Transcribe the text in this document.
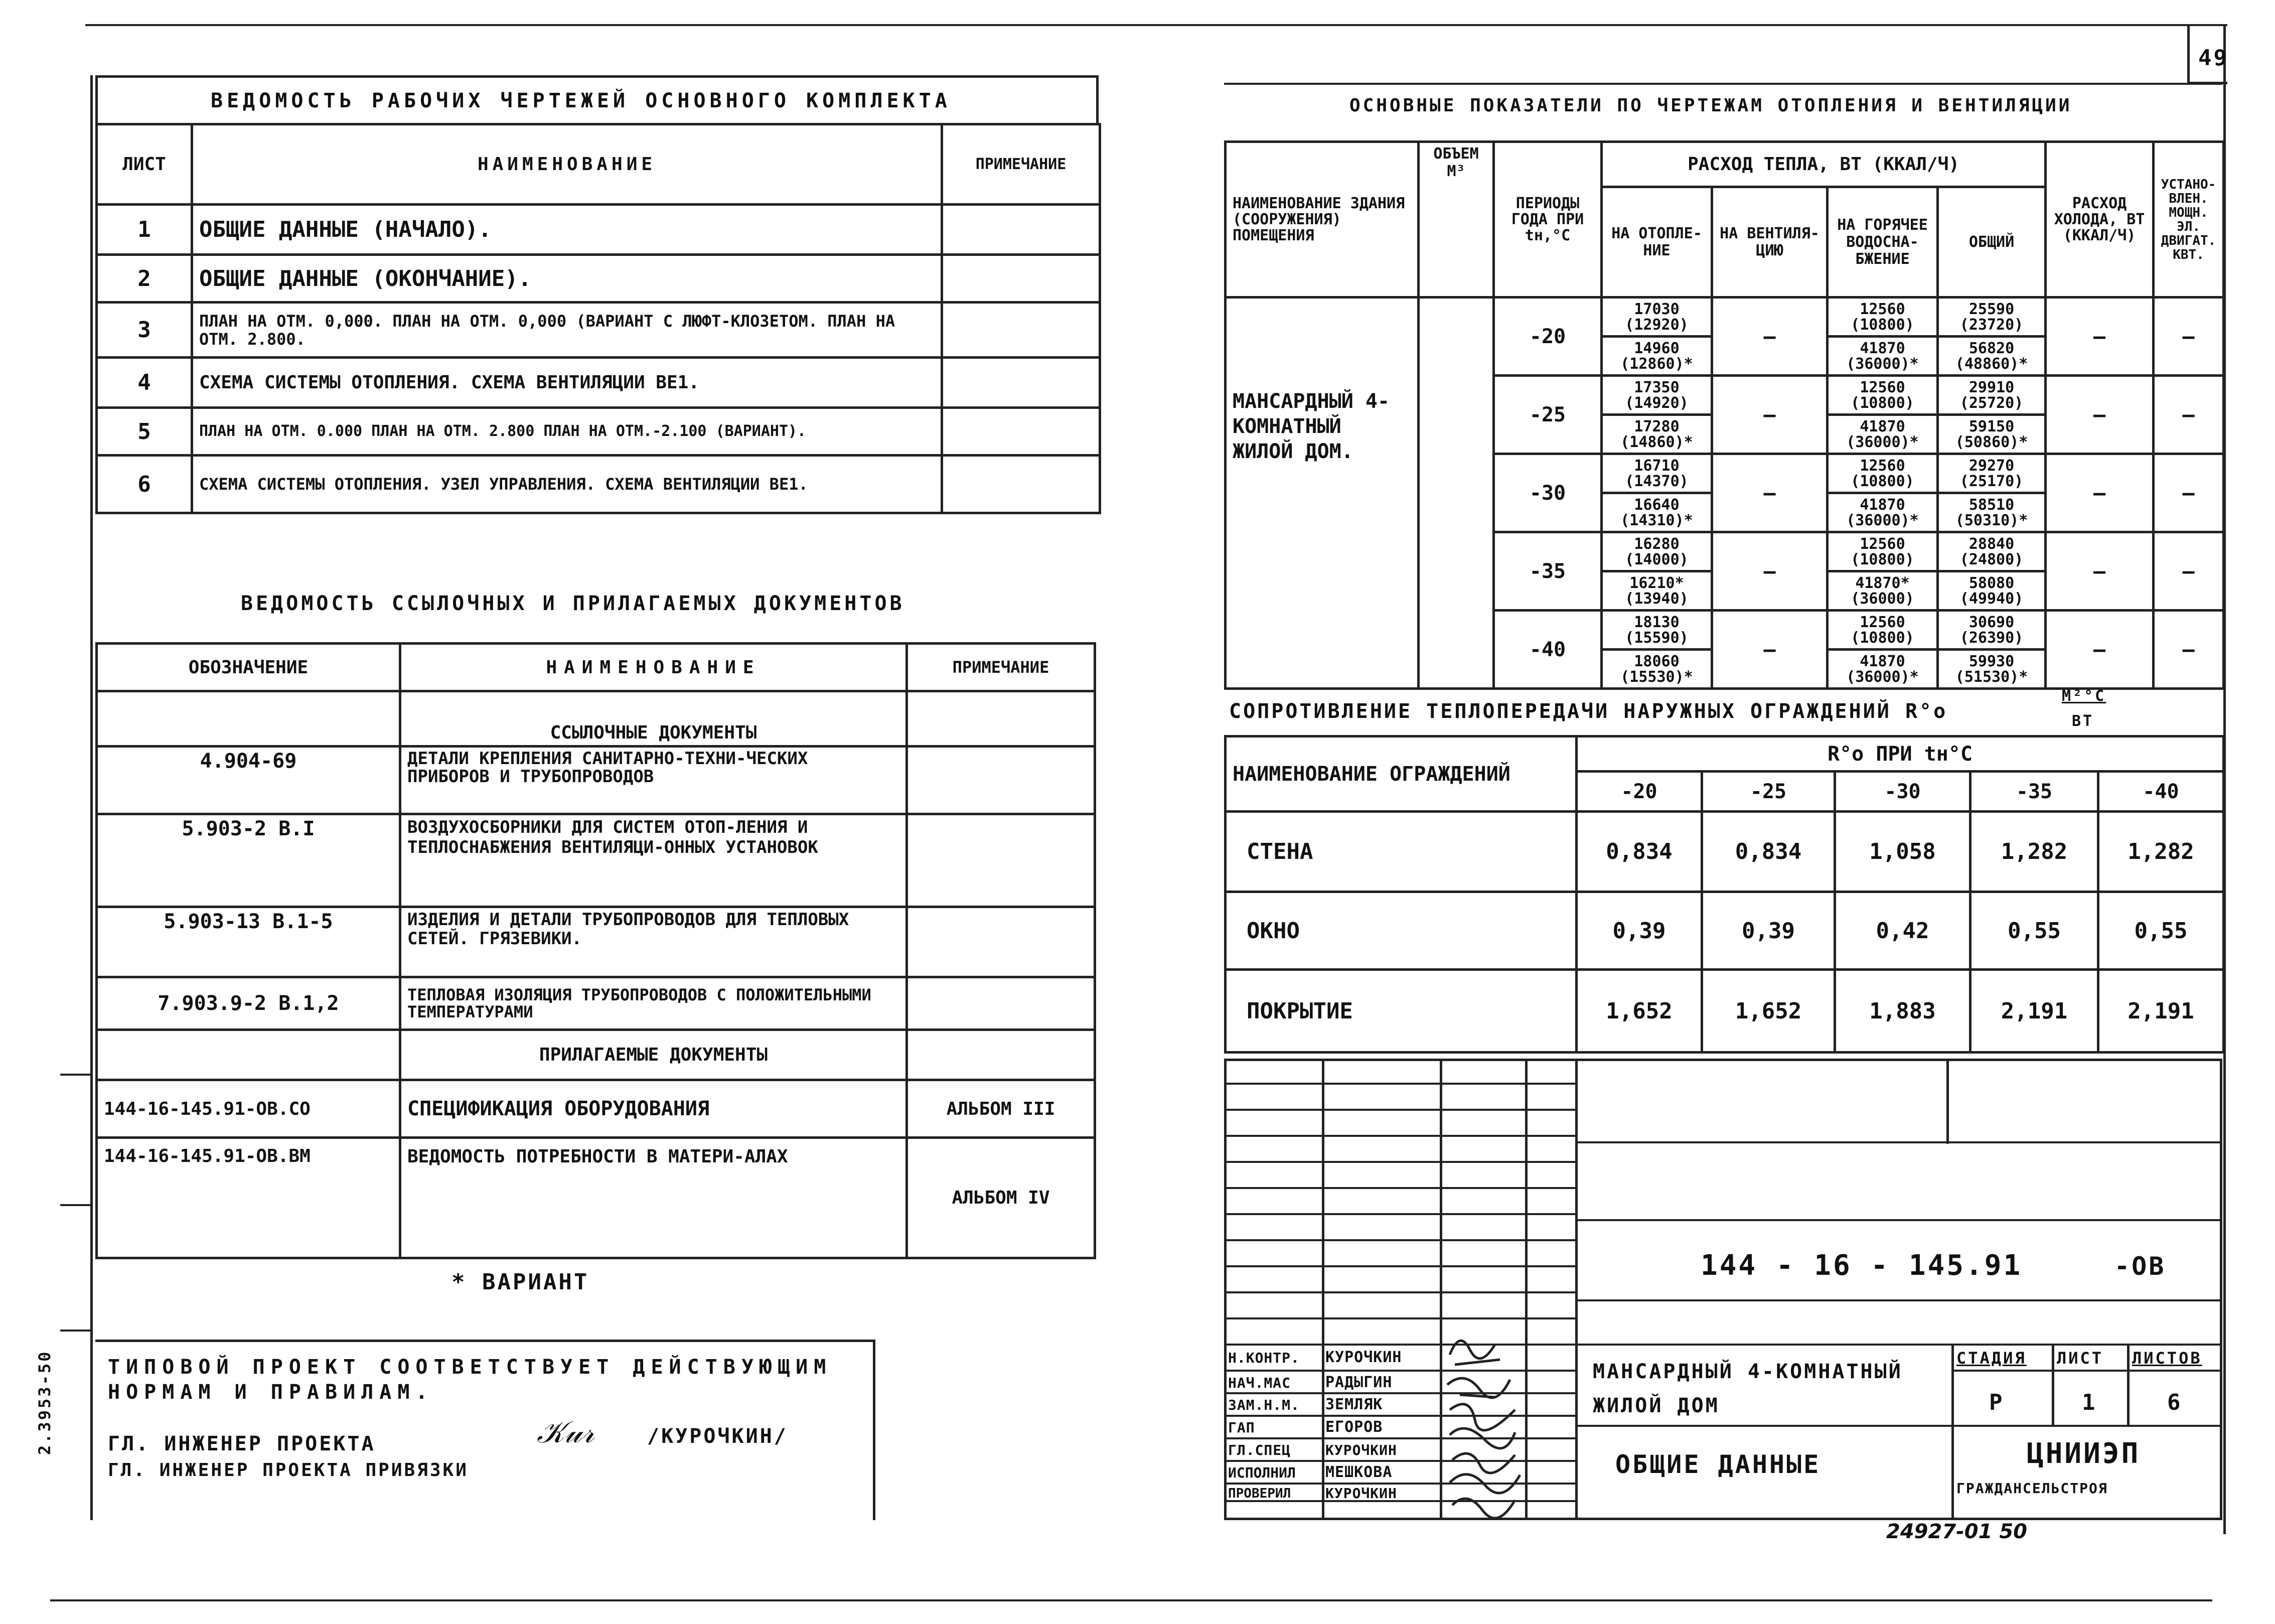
49
2.3953-50
ВЕДОМОСТЬ РАБОЧИХ ЧЕРТЕЖЕЙ ОСНОВНОГО КОМПЛЕКТА
ЛИСТ	НАИМЕНОВАНИЕ	ПРИМЕЧАНИЕ
1	ОБЩИЕ ДАННЫЕ (НАЧАЛО).	
2	ОБЩИЕ ДАННЫЕ (ОКОНЧАНИЕ).	
3	ПЛАН НА ОТМ. 0,000. ПЛАН НА ОТМ. 0,000 (ВАРИАНТ С ЛЮФТ-КЛОЗЕТОМ. ПЛАН НА ОТМ. 2.800.	
4	СХЕМА СИСТЕМЫ ОТОПЛЕНИЯ. СХЕМА ВЕНТИЛЯЦИИ ВЕ1.	
5	ПЛАН НА ОТМ. 0.000 ПЛАН НА ОТМ. 2.800 ПЛАН НА ОТМ.-2.100 (ВАРИАНТ).	
6	СХЕМА СИСТЕМЫ ОТОПЛЕНИЯ. УЗЕЛ УПРАВЛЕНИЯ. СХЕМА ВЕНТИЛЯЦИИ ВЕ1.	
ВЕДОМОСТЬ ССЫЛОЧНЫХ И ПРИЛАГАЕМЫХ ДОКУМЕНТОВ
ОБОЗНАЧЕНИЕ	НАИМЕНОВАНИЕ	ПРИМЕЧАНИЕ
	ССЫЛОЧНЫЕ ДОКУМЕНТЫ	
4.904-69	ДЕТАЛИ КРЕПЛЕНИЯ САНИТАРНО-ТЕХНИ-ЧЕСКИХ ПРИБОРОВ И ТРУБОПРОВОДОВ	
5.903-2 В.I	ВОЗДУХОСБОРНИКИ ДЛЯ СИСТЕМ ОТОП-ЛЕНИЯ И ТЕПЛОСНАБЖЕНИЯ ВЕНТИЛЯЦИ-ОННЫХ УСТАНОВОК	
5.903-13 В.1-5	ИЗДЕЛИЯ И ДЕТАЛИ ТРУБОПРОВОДОВ ДЛЯ ТЕПЛОВЫХ СЕТЕЙ. ГРЯЗЕВИКИ.	
7.903.9-2 В.1,2	ТЕПЛОВАЯ ИЗОЛЯЦИЯ ТРУБОПРОВОДОВ С ПОЛОЖИТЕЛЬНЫМИ ТЕМПЕРАТУРАМИ	
	ПРИЛАГАЕМЫЕ ДОКУМЕНТЫ	
144-16-145.91-ОВ.СО	СПЕЦИФИКАЦИЯ ОБОРУДОВАНИЯ	АЛЬБОМ III
144-16-145.91-ОВ.ВМ	ВЕДОМОСТЬ ПОТРЕБНОСТИ В МАТЕРИ-АЛАХ	АЛЬБОМ IV
* ВАРИАНТ
ТИПОВОЙ ПРОЕКТ СООТВЕТСТВУЕТ ДЕЙСТВУЮЩИМ НОРМАМ И ПРАВИЛАМ.
ГЛ. ИНЖЕНЕР ПРОЕКТА	𝒦𝓊𝓇	/КУРОЧКИН/
ГЛ. ИНЖЕНЕР ПРОЕКТА ПРИВЯЗКИ
ОСНОВНЫЕ ПОКАЗАТЕЛИ ПО ЧЕРТЕЖАМ ОТОПЛЕНИЯ И ВЕНТИЛЯЦИИ
НАИМЕНОВАНИЕ ЗДАНИЯ (СООРУЖЕНИЯ) ПОМЕЩЕНИЯ	ОБЪЕМ М³	ПЕРИОДЫ ГОДА ПРИ tн,°С	РАСХОД ТЕПЛА, ВТ (ККАЛ/Ч)				РАСХОД ХОЛОДА, ВТ (ККАЛ/Ч)	УСТАНО-ВЛЕН. МОЩН. ЭЛ. ДВИГАТ. КВТ.
			НА ОТОПЛЕ-НИЕ	НА ВЕНТИЛЯ-ЦИЮ	НА ГОРЯЧЕЕ ВОДОСНА-БЖЕНИЕ	ОБЩИЙ		
МАНСАРДНЫЙ 4-КОМНАТНЫЙ ЖИЛОЙ ДОМ.		-20	17030 (12920)	—	12560 (10800)	25590 (23720)	—	—
			14960 (12860)*		41870 (36000)*	56820 (48860)*		
		-25	17350 (14920)	—	12560 (10800)	29910 (25720)	—	—
			17280 (14860)*		41870 (36000)*	59150 (50860)*		
		-30	16710 (14370)	—	12560 (10800)	29270 (25170)	—	—
			16640 (14310)*		41870 (36000)*	58510 (50310)*		
		-35	16280 (14000)	—	12560 (10800)	28840 (24800)	—	—
			16210* (13940)		41870* (36000)	58080 (49940)		
		-40	18130 (15590)	—	12560 (10800)	30690 (26390)	—	—
			18060 (15530)*		41870 (36000)*	59930 (51530)*		
СОПРОТИВЛЕНИЕ ТЕПЛОПЕРЕДАЧИ НАРУЖНЫХ ОГРАЖДЕНИЙ R°о
М²°С
ВТ
НАИМЕНОВАНИЕ ОГРАЖДЕНИЙ	R°о ПРИ tн°С				
	-20	-25	-30	-35	-40
СТЕНА	0,834	0,834	1,058	1,282	1,282
ОКНО	0,39	0,39	0,42	0,55	0,55
ПОКРЫТИЕ	1,652	1,652	1,883	2,191	2,191
144 - 16 - 145.91	-ОВ
МАНСАРДНЫЙ 4-КОМНАТНЫЙ ЖИЛОЙ ДОМ
ОБЩИЕ ДАННЫЕ
СТАДИЯ ЛИСТ ЛИСТОВ
Р	1	6
ЦНИИЭП
ГРАЖДАНСЕЛЬСТРОЯ
Н.КОНТР. КУРОЧКИН
НАЧ.МАС РАДЫГИН
ЗАМ.Н.М. ЗЕМЛЯК
ГАП	ЕГОРОВ
ГЛ.СПЕЦ КУРОЧКИН
ИСПОЛНИЛ МЕШКОВА
ПРОВЕРИЛ КУРОЧКИН
24927-01 50
